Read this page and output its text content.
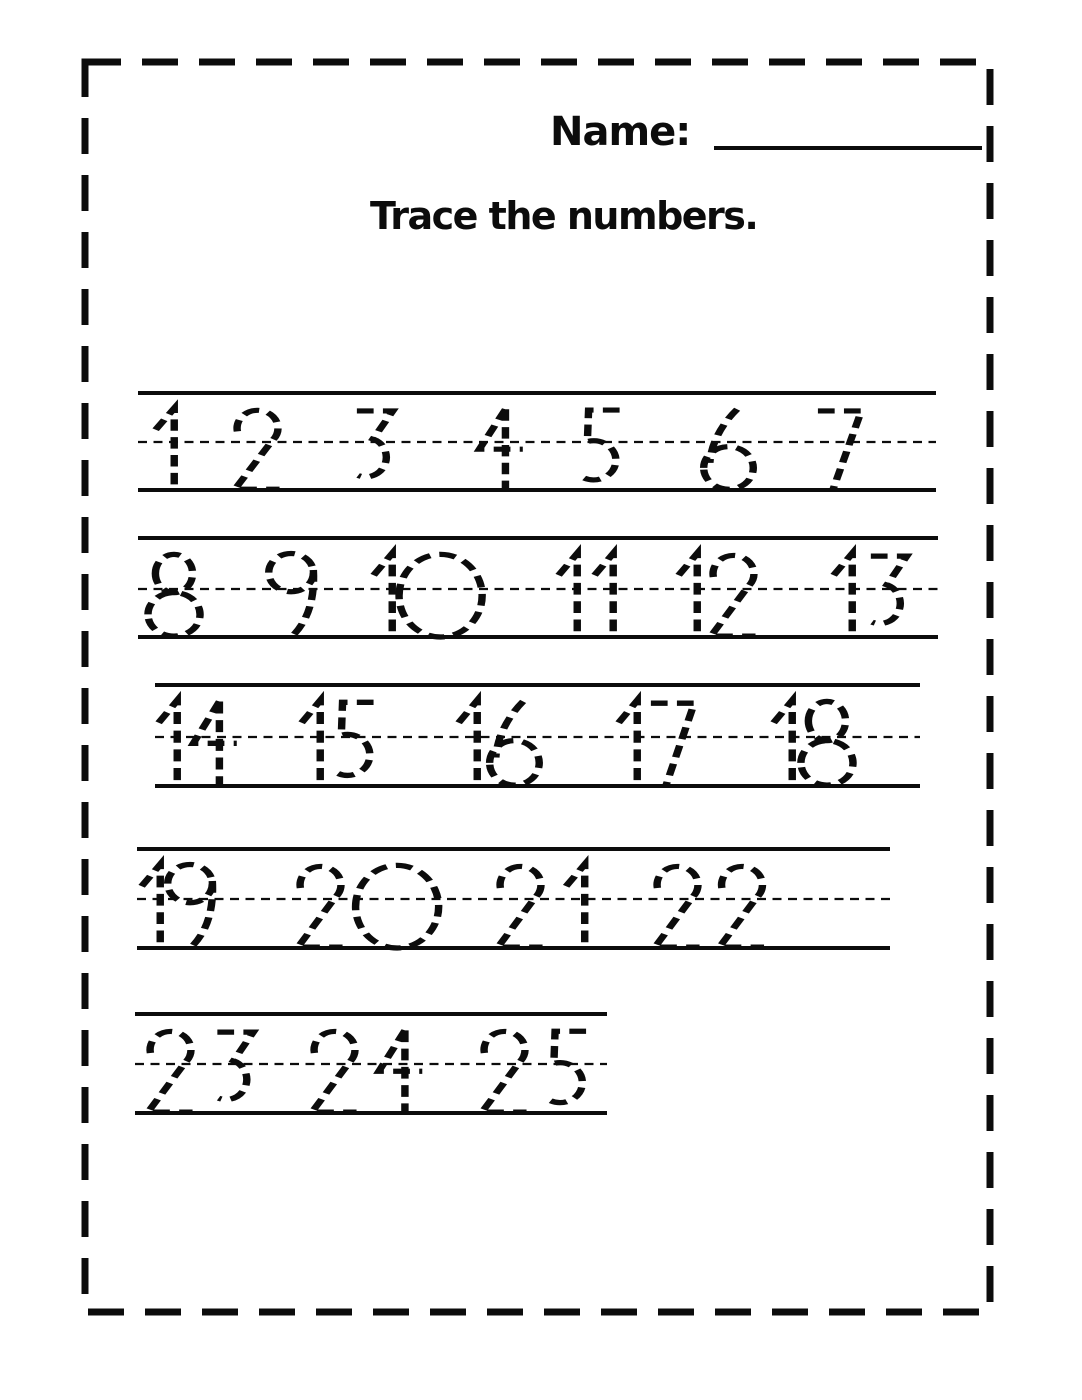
Name:
Trace the numbers.
